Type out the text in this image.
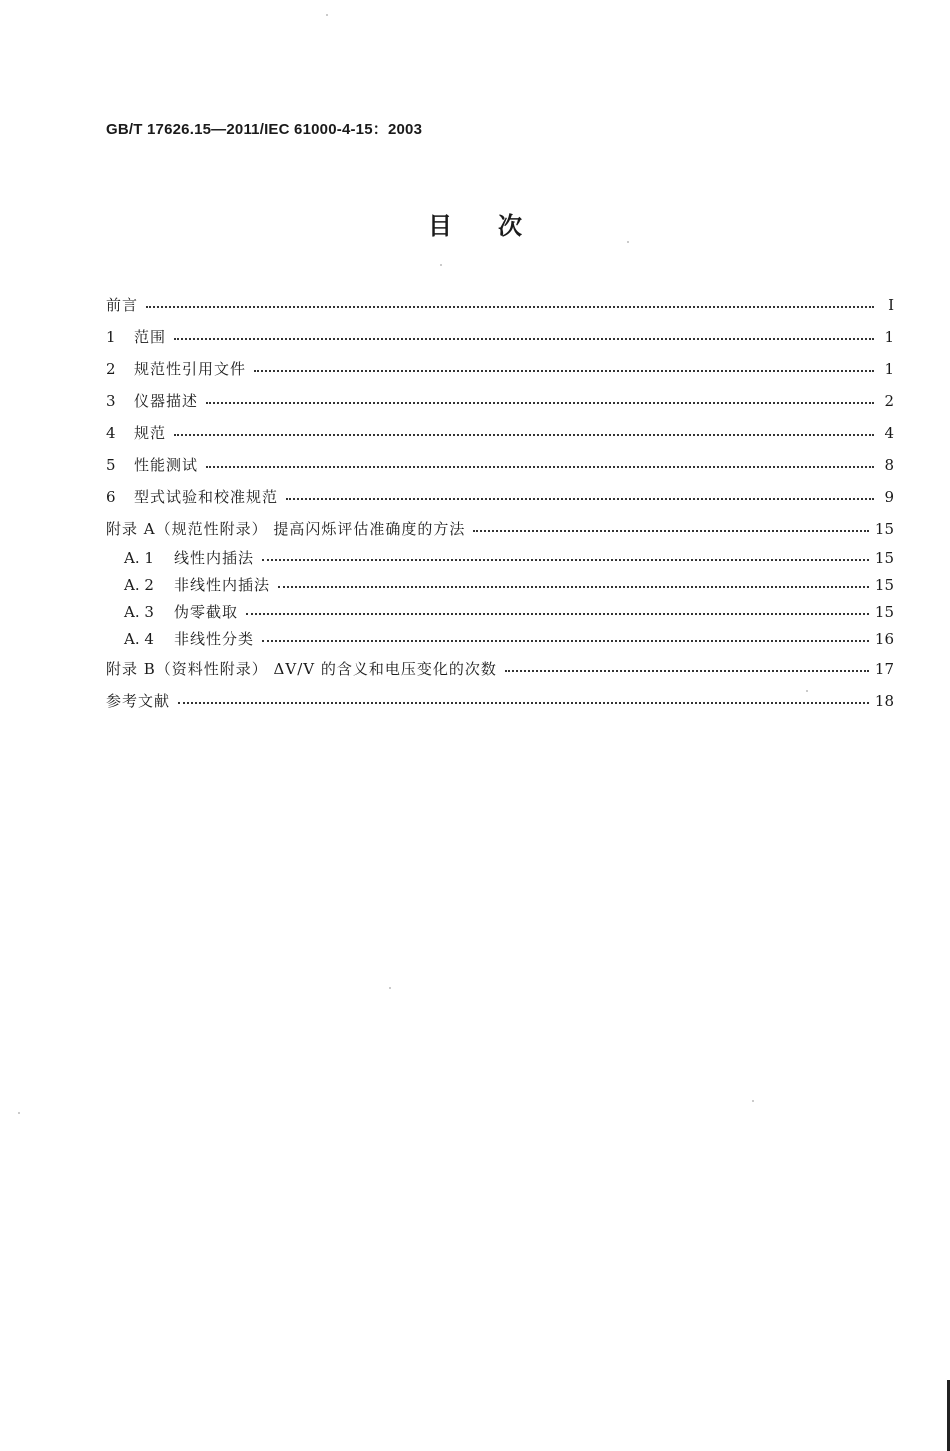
GB/T 17626.15—2011/IEC 61000-4-15：2003
目次
前言	Ⅰ
1	范围	1
2	规范性引用文件	1
3	仪器描述	2
4	规范	4
5	性能测试	8
6	型式试验和校准规范	9
附录 A（规范性附录） 提高闪烁评估准确度的方法	15
A. 1	线性内插法	15
A. 2	非线性内插法	15
A. 3	伪零截取	15
A. 4	非线性分类	16
附录 B（资料性附录） ΔV/V 的含义和电压变化的次数	17
参考文献	18
